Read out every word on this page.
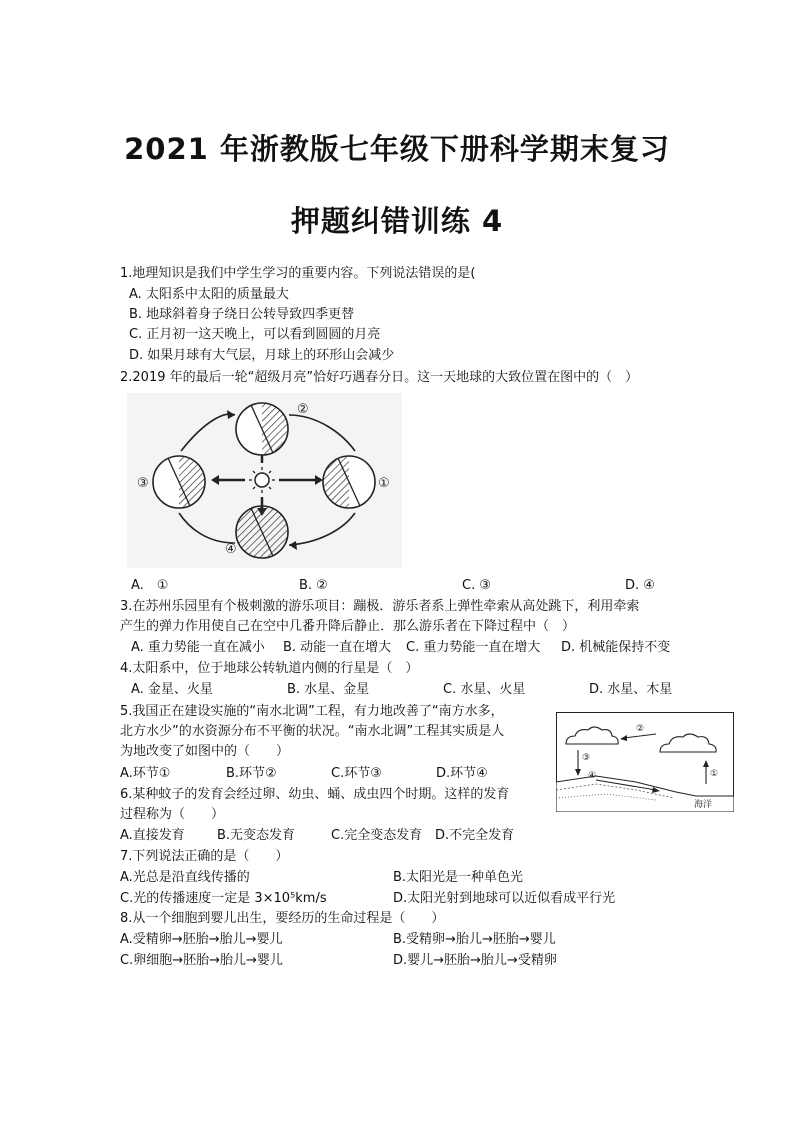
2021 年浙教版七年级下册科学期末复习
押题纠错训练 4
1.地理知识是我们中学生学习的重要内容。下列说法错误的是(
A. 太阳系中太阳的质量最大
B. 地球斜着身子绕日公转导致四季更替
C. 正月初一这天晚上，可以看到圆圆的月亮
D. 如果月球有大气层，月球上的环形山会减少
2.2019 年的最后一轮“超级月亮”恰好巧遇春分日。这一天地球的大致位置在图中的（　）
②
③
④
①
A.　①	B. ②	C. ③	D. ④
3.在苏州乐园里有个极刺激的游乐项目：蹦极．游乐者系上弹性牵索从高处跳下，利用牵索
产生的弹力作用使自己在空中几番升降后静止．那么游乐者在下降过程中（　）
A. 重力势能一直在减小 B. 动能一直在增大 C. 重力势能一直在增大 D. 机械能保持不变
4.太阳系中，位于地球公转轨道内侧的行星是（　）
A. 金星、火星	B. 水星、金星	C. 水星、火星	D. 水星、木星
5.我国正在建设实施的“南水北调”工程，有力地改善了“南方水多，
北方水少”的水资源分布不平衡的状况。“南水北调”工程其实质是人
为地改变了如图中的（　　）
A.环节①	B.环节②	C.环节③	D.环节④
②
③
①
④
海洋
6.某种蚊子的发育会经过卵、幼虫、蛹、成虫四个时期。这样的发育
过程称为（　　）
A.直接发育 B.无变态发育	C.完全变态发育 D.不完全发育
7.下列说法正确的是（　　）
A.光总是沿直线传播的	B.太阳光是一种单色光
C.光的传播速度一定是 3×10⁵km/s	D.太阳光射到地球可以近似看成平行光
8.从一个细胞到婴儿出生，要经历的生命过程是（　　）
A.受精卵→胚胎→胎儿→婴儿	B.受精卵→胎儿→胚胎→婴儿
C.卵细胞→胚胎→胎儿→婴儿	D.婴儿→胚胎→胎儿→受精卵
